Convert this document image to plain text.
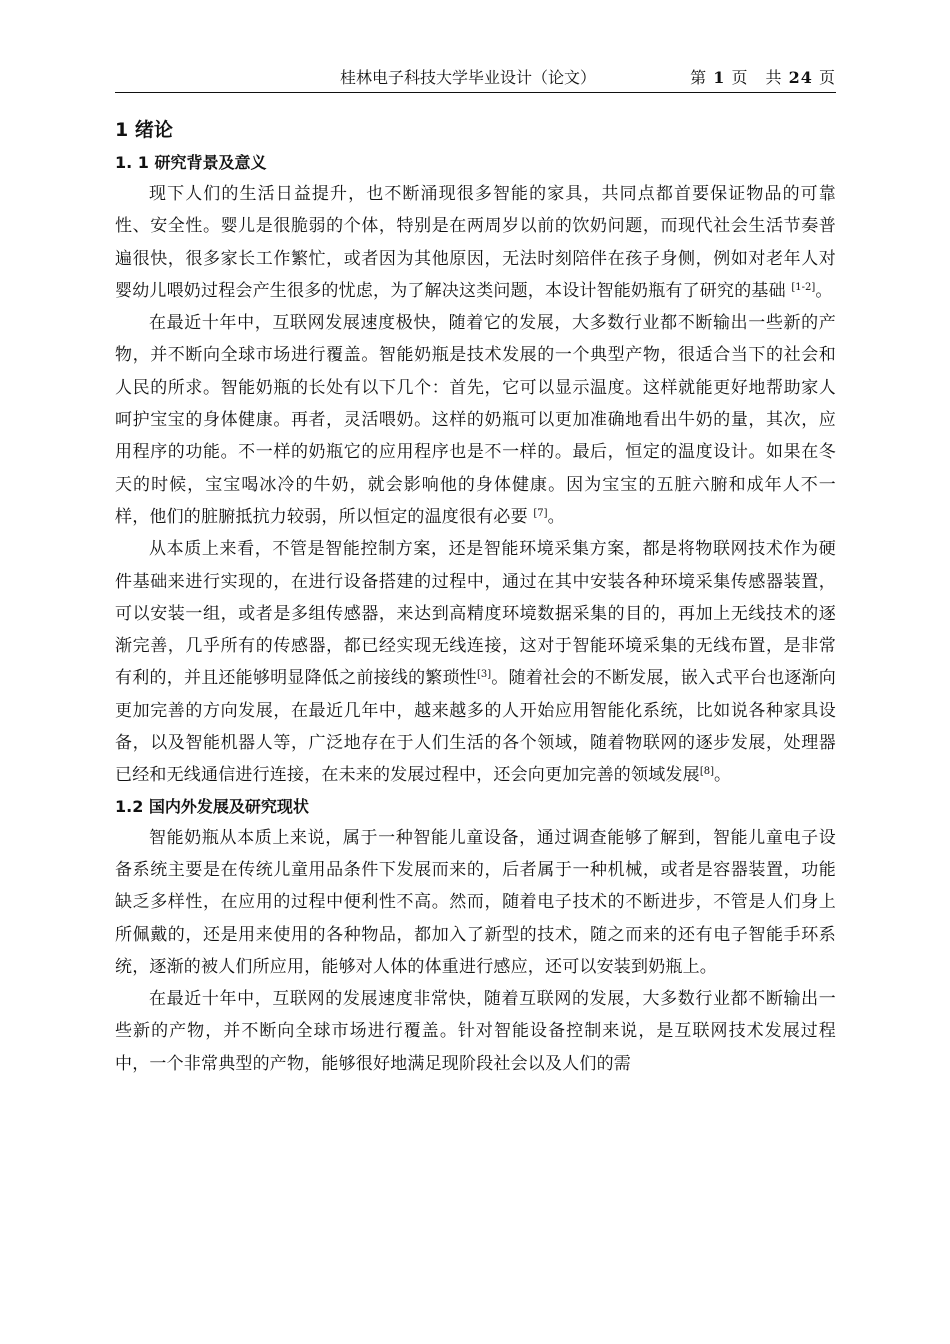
桂林电子科技大学毕业设计（论文）	第 1 页　共 24 页
1 绪论
1. 1 研究背景及意义

现下人们的生活日益提升，也不断涌现很多智能的家具，共同点都首要保证物品的可靠性、安全性。婴儿是很脆弱的个体，特别是在两周岁以前的饮奶问题，而现代社会生活节奏普遍很快，很多家长工作繁忙，或者因为其他原因，无法时刻陪伴在孩子身侧，例如对老年人对婴幼儿喂奶过程会产生很多的忧虑，为了解决这类问题，本设计智能奶瓶有了研究的基础 [1-2]。

在最近十年中，互联网发展速度极快，随着它的发展，大多数行业都不断输出一些新的产物，并不断向全球市场进行覆盖。智能奶瓶是技术发展的一个典型产物，很适合当下的社会和人民的所求。智能奶瓶的长处有以下几个：首先，它可以显示温度。这样就能更好地帮助家人呵护宝宝的身体健康。再者，灵活喂奶。这样的奶瓶可以更加准确地看出牛奶的量，其次，应用程序的功能。不一样的奶瓶它的应用程序也是不一样的。最后，恒定的温度设计。如果在冬天的时候，宝宝喝冰冷的牛奶，就会影响他的身体健康。因为宝宝的五脏六腑和成年人不一样，他们的脏腑抵抗力较弱，所以恒定的温度很有必要 [7]。

从本质上来看，不管是智能控制方案，还是智能环境采集方案，都是将物联网技术作为硬件基础来进行实现的，在进行设备搭建的过程中，通过在其中安装各种环境采集传感器装置，可以安装一组，或者是多组传感器，来达到高精度环境数据采集的目的，再加上无线技术的逐渐完善，几乎所有的传感器，都已经实现无线连接，这对于智能环境采集的无线布置，是非常有利的，并且还能够明显降低之前接线的繁琐性[3]。随着社会的不断发展，嵌入式平台也逐渐向更加完善的方向发展，在最近几年中，越来越多的人开始应用智能化系统，比如说各种家具设备，以及智能机器人等，广泛地存在于人们生活的各个领域，随着物联网的逐步发展，处理器已经和无线通信进行连接，在未来的发展过程中，还会向更加完善的领域发展[8]。

1.2 国内外发展及研究现状

智能奶瓶从本质上来说，属于一种智能儿童设备，通过调查能够了解到，智能儿童电子设备系统主要是在传统儿童用品条件下发展而来的，后者属于一种机械，或者是容器装置，功能缺乏多样性，在应用的过程中便利性不高。然而，随着电子技术的不断进步，不管是人们身上所佩戴的，还是用来使用的各种物品，都加入了新型的技术，随之而来的还有电子智能手环系统，逐渐的被人们所应用，能够对人体的体重进行感应，还可以安装到奶瓶上。

在最近十年中，互联网的发展速度非常快，随着互联网的发展，大多数行业都不断输出一些新的产物，并不断向全球市场进行覆盖。针对智能设备控制来说，是互联网技术发展过程中，一个非常典型的产物，能够很好地满足现阶段社会以及人们的需
